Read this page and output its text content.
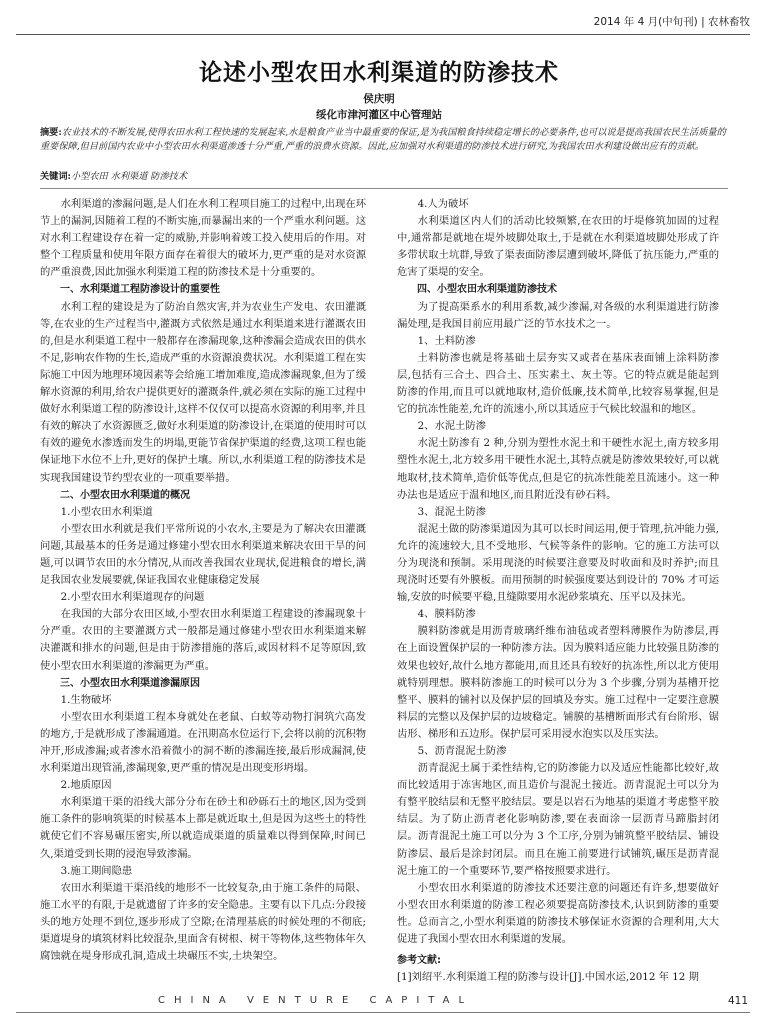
2014 年 4 月(中旬刊) | 农林畜牧
论述小型农田水利渠道的防渗技术
侯庆明
绥化市津河灌区中心管理站
摘要:农业技术的不断发展,使得农田水利工程快速的发展起来,水是粮食产业当中最重要的保证,是为我国粮食持续稳定增长的必要条件,也可以说是提高我国农民生活质量的重要保障,但目前国内农业中小型农田水利渠道渗透十分严重,严重的浪费水资源。因此,应加强对水利渠道的防渗技术进行研究,为我国农田水利建设做出应有的贡献。
关键词:小型农田 水利渠道 防渗技术

水利渠道的渗漏问题,是人们在水利工程项目施工的过程中,出现在环节上的漏洞,因随着工程的不断实施,而暴漏出来的一个严重水利问题。这对水利工程建设存在着一定的威胁,并影响着竣工投入使用后的作用。对整个工程质量和使用年限方面存在着很大的破坏力,更严重的是对水资源的严重浪费,因此加强水利渠道工程的防渗技术是十分重要的。

一、水利渠道工程防渗设计的重要性

水利工程的建设是为了防治自然灾害,并为农业生产发电、农田灌溉等,在农业的生产过程当中,灌溉方式依然是通过水利渠道来进行灌溉农田的,但是水利渠道工程中一般都存在渗漏现象,这种渗漏会造成农田的供水不足,影响农作物的生长,造成严重的水资源浪费状况。水利渠道工程在实际施工中因为地理环境因素等会给施工增加难度,造成渗漏现象,但为了缓解水资源的利用,给农户提供更好的灌溉条件,就必须在实际的施工过程中做好水利渠道工程的防渗设计,这样不仅仅可以提高水资源的利用率,并且有效的解决了水资源匮乏,做好水利渠道的防渗设计,在渠道的使用时可以有效的避免水渗透而发生的坍塌,更能节省保护渠道的经费,这项工程也能保证地下水位不上升,更好的保护土壤。所以,水利渠道工程的防渗技术是实现我国建设节约型农业的一项重要举措。

二、小型农田水利渠道的概况

1.小型农田水利渠道

小型农田水利就是我们平常所说的小农水,主要是为了解决农田灌溉问题,其最基本的任务是通过修建小型农田水利渠道来解决农田干旱的问题,可以调节农田的水分情况,从而改善我国农业现状,促进粮食的增长,满足我国农业发展要就,保证我国农业健康稳定发展

2.小型农田水利渠道现存的问题

在我国的大部分农田区域,小型农田水利渠道工程建设的渗漏现象十分严重。农田的主要灌溉方式一般都是通过修建小型农田水利渠道来解决灌溉和排水的问题,但是由于防渗措施的落后,或因材料不足等原因,致使小型农田水利渠道的渗漏更为严重。

三、小型农田水利渠道渗漏原因

1.生物破坏

小型农田水利渠道工程本身就处在老鼠、白蚁等动物打洞筑穴高发的地方,于是就形成了渗漏通道。在汛期高水位运行下,会将以前的沉积物冲开,形成渗漏;或者渗水沿着微小的洞不断的渗漏连接,最后形成漏洞,使水利渠道出现管涌,渗漏现象,更严重的情况是出现变形坍塌。

2.地质原因

水利渠道干渠的沿线大部分分布在砂土和砂砾石土的地区,因为受到施工条件的影响筑渠的时候基本上都是就近取土,但是因为这些土的特性就使它们不容易碾压密实,所以就造成渠道的质量难以得到保障,时间已久,渠道受到长期的浸泡导致渗漏。

3.施工期间隐患

农田水利渠道干渠沿线的地形不一比较复杂,由于施工条件的局限、施工水平的有限,于是就遗留了许多的安全隐患。主要有以下几点:分段接头的地方处理不到位,逐步形成了空隙;在清理基底的时候处理的不彻底;渠道堤身的填筑材料比较混杂,里面含有树根、树干等物体,这些物体年久腐蚀就在堤身形成孔洞,造成土块碾压不实,土块架空。

4.人为破坏

水利渠道区内人们的活动比较频繁,在农田的圩堤修筑加固的过程中,通常都是就地在堤外坡脚处取土,于是就在水利渠道坡脚处形成了许多带状取土坑群,导致了渠表面防渗层遭到破坏,降低了抗压能力,严重的危害了渠堤的安全。

四、小型农田水利渠道防渗技术

为了提高渠系水的利用系数,减少渗漏,对各级的水利渠道进行防渗漏处理,是我国目前应用最广泛的节水技术之一。

1、土料防渗

土料防渗也就是将基础土层夯实又或者在基床表面铺上涂料防渗层,包括有三合土、四合土、压实素土、灰土等。它的特点就是能起到防渗的作用,而且可以就地取材,造价低廉,技术简单,比较容易掌握,但是它的抗冻性能差,允许的流速小,所以其适应于气候比较温和的地区。

2、水泥土防渗

水泥土防渗有 2 种,分别为塑性水泥土和干硬性水泥土,南方较多用塑性水泥土,北方较多用干硬性水泥土,其特点就是防渗效果较好,可以就地取材,技术简单,造价低等优点,但是它的抗冻性能差且流速小。这一种办法也是适应于温和地区,而且附近没有砂石料。

3、混泥土防渗

混泥土做的防渗渠道因为其可以长时间运用,便于管理,抗冲能力强,允许的流速较大,且不受地形、气候等条件的影响。它的施工方法可以分为现浇和预制。采用现浇的时候要注意要及时收面和及时养护;而且现浇时还要有外膜板。而用预制的时候强度要达到设计的 70% 才可运输,安放的时候要平稳,且缝隙要用水泥砂浆填充、压平以及抹光。

4、膜料防渗

膜料防渗就是用沥青玻璃纤维布油毡或者塑料薄膜作为防渗层,再在上面设置保护层的一种防渗方法。因为膜料适应能力比较强且防渗的效果也较好,故什么地方都能用,而且还具有较好的抗冻性,所以北方使用就特别理想。膜料防渗施工的时候可以分为 3 个步骤,分别为基槽开挖整平、膜料的铺衬以及保护层的回填及夯实。施工过程中一定要注意膜料层的完整以及保护层的边坡稳定。铺膜的基槽断面形式有台阶形、锯齿形、梯形和五边形。保护层可采用浸水泡实以及压实法。

5、沥青混泥土防渗

沥青混泥土属于柔性结构,它的防渗能力以及适应性能都比较好,故而比较适用于冻害地区,而且造价与混泥土接近。沥青混泥土可以分为有整平胶结层和无整平胶结层。要是以岩石为地基的渠道才考虑整平胶结层。为了防止沥青老化影响防渗,要在表面涂一层沥青马蹄脂封闭层。沥青混泥土施工可以分为 3 个工序,分别为铺筑整平胶结层、铺设防渗层、最后是涂封闭层。而且在施工前要进行试铺筑,碾压是沥青混泥土施工的一个重要环节,要严格按照要求进行。

小型农田水利渠道的防渗技术还要注意的问题还有许多,想要做好小型农田水利渠道的防渗工程必须要提高防渗技术,认识到防渗的重要性。总而言之,小型水利渠道的防渗技术够保证水资源的合理利用,大大促进了我国小型农田水利渠道的发展。

参考文献:

[1]刘绍平.水利渠道工程的防渗与设计[J].中国水运,2012 年 12 期

CHINA VENTURE CAPITAL	411
